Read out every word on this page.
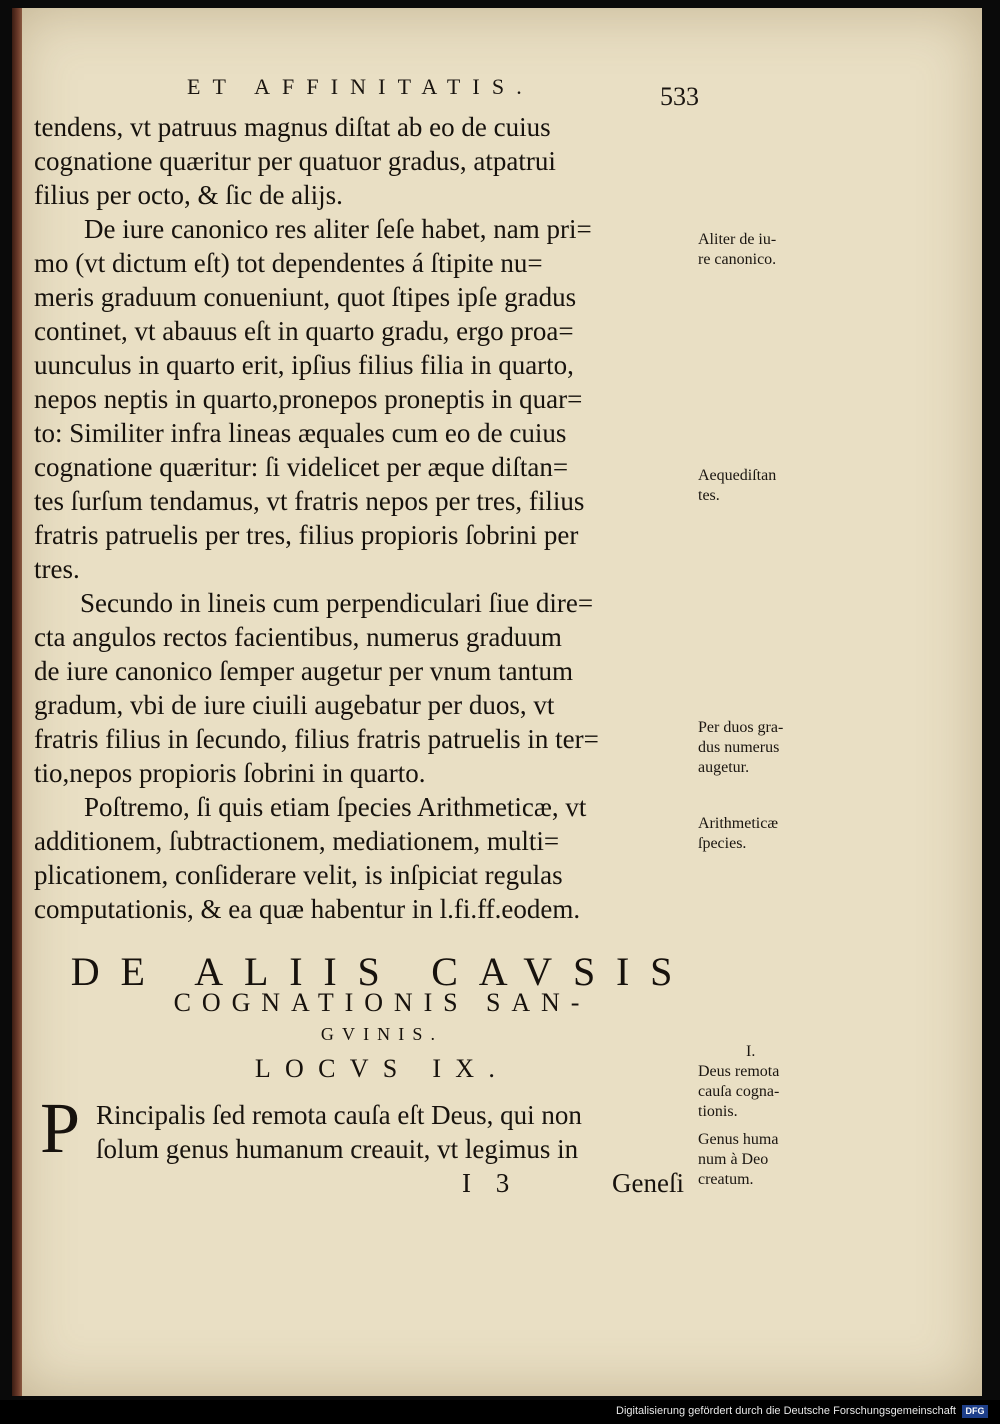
ET AFFINITATIS.	533
tendens, vt patruus magnus diſtat ab eo de cuius
cognatione quæritur per quatuor gradus, atpatrui
filius per octo, & ſic de alijs.
De iure canonico res aliter ſeſe habet, nam pri=
mo (vt dictum eſt) tot dependentes á ſtipite nu=
meris graduum conueniunt, quot ſtipes ipſe gradus
continet, vt abauus eſt in quarto gradu, ergo proa=
uunculus in quarto erit, ipſius filius filia in quarto,
nepos neptis in quarto,pronepos proneptis in quar=
to: Similiter infra lineas æquales cum eo de cuius
cognatione quæritur: ſi videlicet per æque diſtan=
tes ſurſum tendamus, vt fratris nepos per tres, filius
fratris patruelis per tres, filius propioris ſobrini per
tres.
Secundo in lineis cum perpendiculari ſiue dire=
cta angulos rectos facientibus, numerus graduum
de iure canonico ſemper augetur per vnum tantum
gradum, vbi de iure ciuili augebatur per duos, vt
fratris filius in ſecundo, filius fratris patruelis in ter=
tio,nepos propioris ſobrini in quarto.
Poſtremo, ſi quis etiam ſpecies Arithmeticæ, vt
additionem, ſubtractionem, mediationem, multi=
plicationem, conſiderare velit, is inſpiciat regulas
computationis, & ea quæ habentur in l.fi.ff.eodem.
Aliter de iu-
re canonico.
Aequediſtan
tes.
Per duos gra-
dus numerus
augetur.
Arithmeticæ
ſpecies.
I.
Deus remota
cauſa cogna-
tionis.
Genus huma
num à Deo
creatum.
DE ALIIS CAVSIS
COGNATIONIS SAN-
GVINIS.
LOCVS IX.
P Rincipalis ſed remota cauſa eſt Deus, qui non
ſolum genus humanum creauit, vt legimus in
I 3	Geneſi
Digitalisierung gefördert durch die Deutsche Forschungsgemeinschaft	DFG
